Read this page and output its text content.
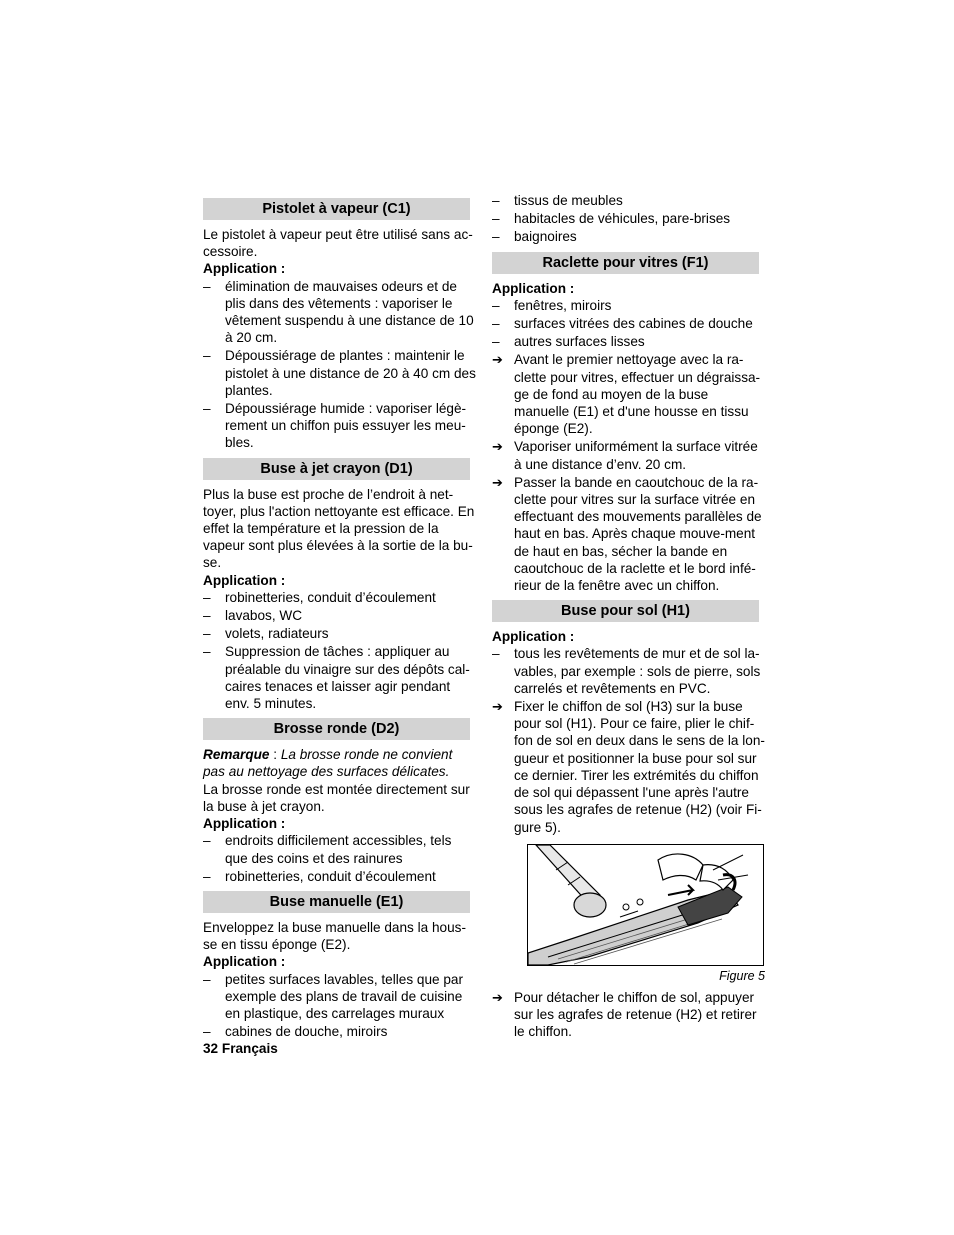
Pistolet à vapeur (C1)

Le pistolet à vapeur peut être utilisé sans ac-cessoire.

Application :

– élimination de mauvaises odeurs et de plis dans des vêtements : vaporiser le vêtement suspendu à une distance de 10 à 20 cm.
– Dépoussiérage de plantes : maintenir le pistolet à une distance de 20 à 40 cm des plantes.
– Dépoussiérage humide : vaporiser légè-rement un chiffon puis essuyer les meu-bles.
Buse à jet crayon (D1)

Plus la buse est proche de l’endroit à net-toyer, plus l'action nettoyante est efficace. En effet la température et la pression de la vapeur sont plus élevées à la sortie de la bu-se.

Application :

– robinetteries, conduit d’écoulement
– lavabos, WC
– volets, radiateurs
– Suppression de tâches : appliquer au préalable du vinaigre sur des dépôts cal-caires tenaces et laisser agir pendant env. 5 minutes.
Brosse ronde (D2)

Remarque : La brosse ronde ne convient pas au nettoyage des surfaces délicates.

La brosse ronde est montée directement sur la buse à jet crayon.

Application :

– endroits difficilement accessibles, tels que des coins et des rainures
– robinetteries, conduit d’écoulement
Buse manuelle (E1)

Enveloppez la buse manuelle dans la hous-se en tissu éponge (E2).

Application :

– petites surfaces lavables, telles que par exemple des plans de travail de cuisine en plastique, des carrelages muraux
– cabines de douche, miroirs
– tissus de meubles
– habitacles de véhicules, pare-brises
– baignoires
Raclette pour vitres (F1)

Application :

– fenêtres, miroirs
– surfaces vitrées des cabines de douche
– autres surfaces lisses
➔ Avant le premier nettoyage avec la ra-clette pour vitres, effectuer un dégraissa-ge de fond au moyen de la buse manuelle (E1) et d'une housse en tissu éponge (E2).
➔ Vaporiser uniformément la surface vitrée à une distance d’env. 20 cm.
➔ Passer la bande en caoutchouc de la ra-clette pour vitres sur la surface vitrée en effectuant des mouvements parallèles de haut en bas. Après chaque mouve-ment de haut en bas, sécher la bande en caoutchouc de la raclette et le bord infé-rieur de la fenêtre avec un chiffon.
Buse pour sol (H1)

Application :

– tous les revêtements de mur et de sol la-vables, par exemple : sols de pierre, sols carrelés et revêtements en PVC.
➔ Fixer le chiffon de sol (H3) sur la buse pour sol (H1). Pour ce faire, plier le chif-fon de sol en deux dans le sens de la lon-gueur et positionner la buse pour sol sur ce dernier. Tirer les extrémités du chiffon de sol qui dépassent l'une après l'autre sous les agrafes de retenue (H2) (voir Fi-gure 5).
Figure 5
➔ Pour détacher le chiffon de sol, appuyer sur les agrafes de retenue (H2) et retirer le chiffon.
32 Français
